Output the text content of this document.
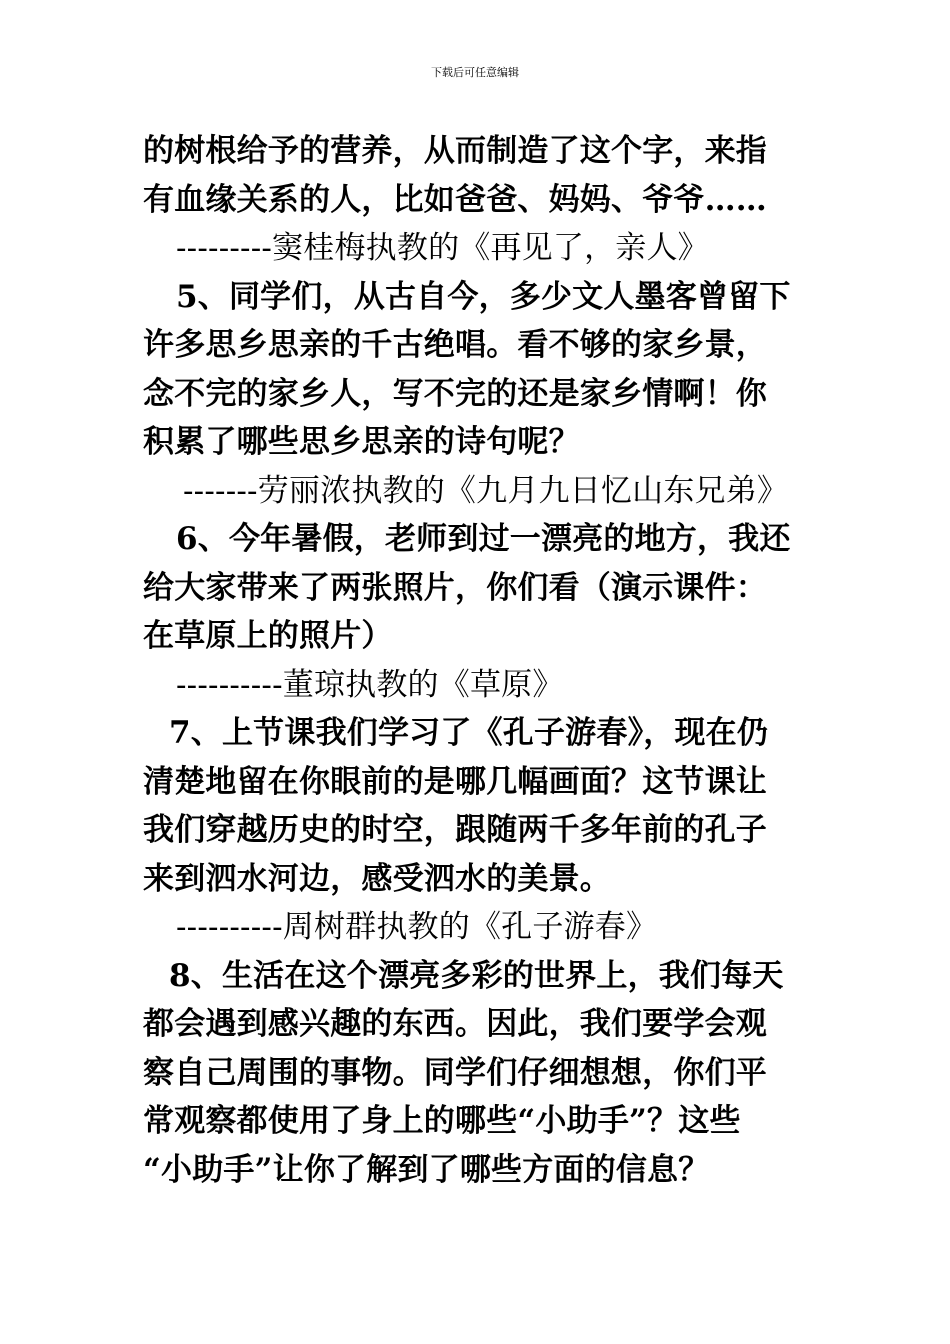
下载后可任意编辑
的树根给予的营养，从而制造了这个字，来指
有血缘关系的人，比如爸爸、妈妈、爷爷……
---------窦桂梅执教的《再见了，亲人》
5、同学们，从古自今，多少文人墨客曾留下
许多思乡思亲的千古绝唱。看不够的家乡景，
念不完的家乡人，写不完的还是家乡情啊！你
积累了哪些思乡思亲的诗句呢？
-------劳丽浓执教的《九月九日忆山东兄弟》
6、今年暑假，老师到过一漂亮的地方，我还
给大家带来了两张照片，你们看（演示课件：
在草原上的照片）
----------董琼执教的《草原》
7、上节课我们学习了《孔子游春》，现在仍
清楚地留在你眼前的是哪几幅画面？这节课让
我们穿越历史的时空，跟随两千多年前的孔子
来到泗水河边，感受泗水的美景。
----------周树群执教的《孔子游春》
8、生活在这个漂亮多彩的世界上，我们每天
都会遇到感兴趣的东西。因此，我们要学会观
察自己周围的事物。同学们仔细想想，你们平
常观察都使用了身上的哪些“小助手”？这些
“小助手”让你了解到了哪些方面的信息？
